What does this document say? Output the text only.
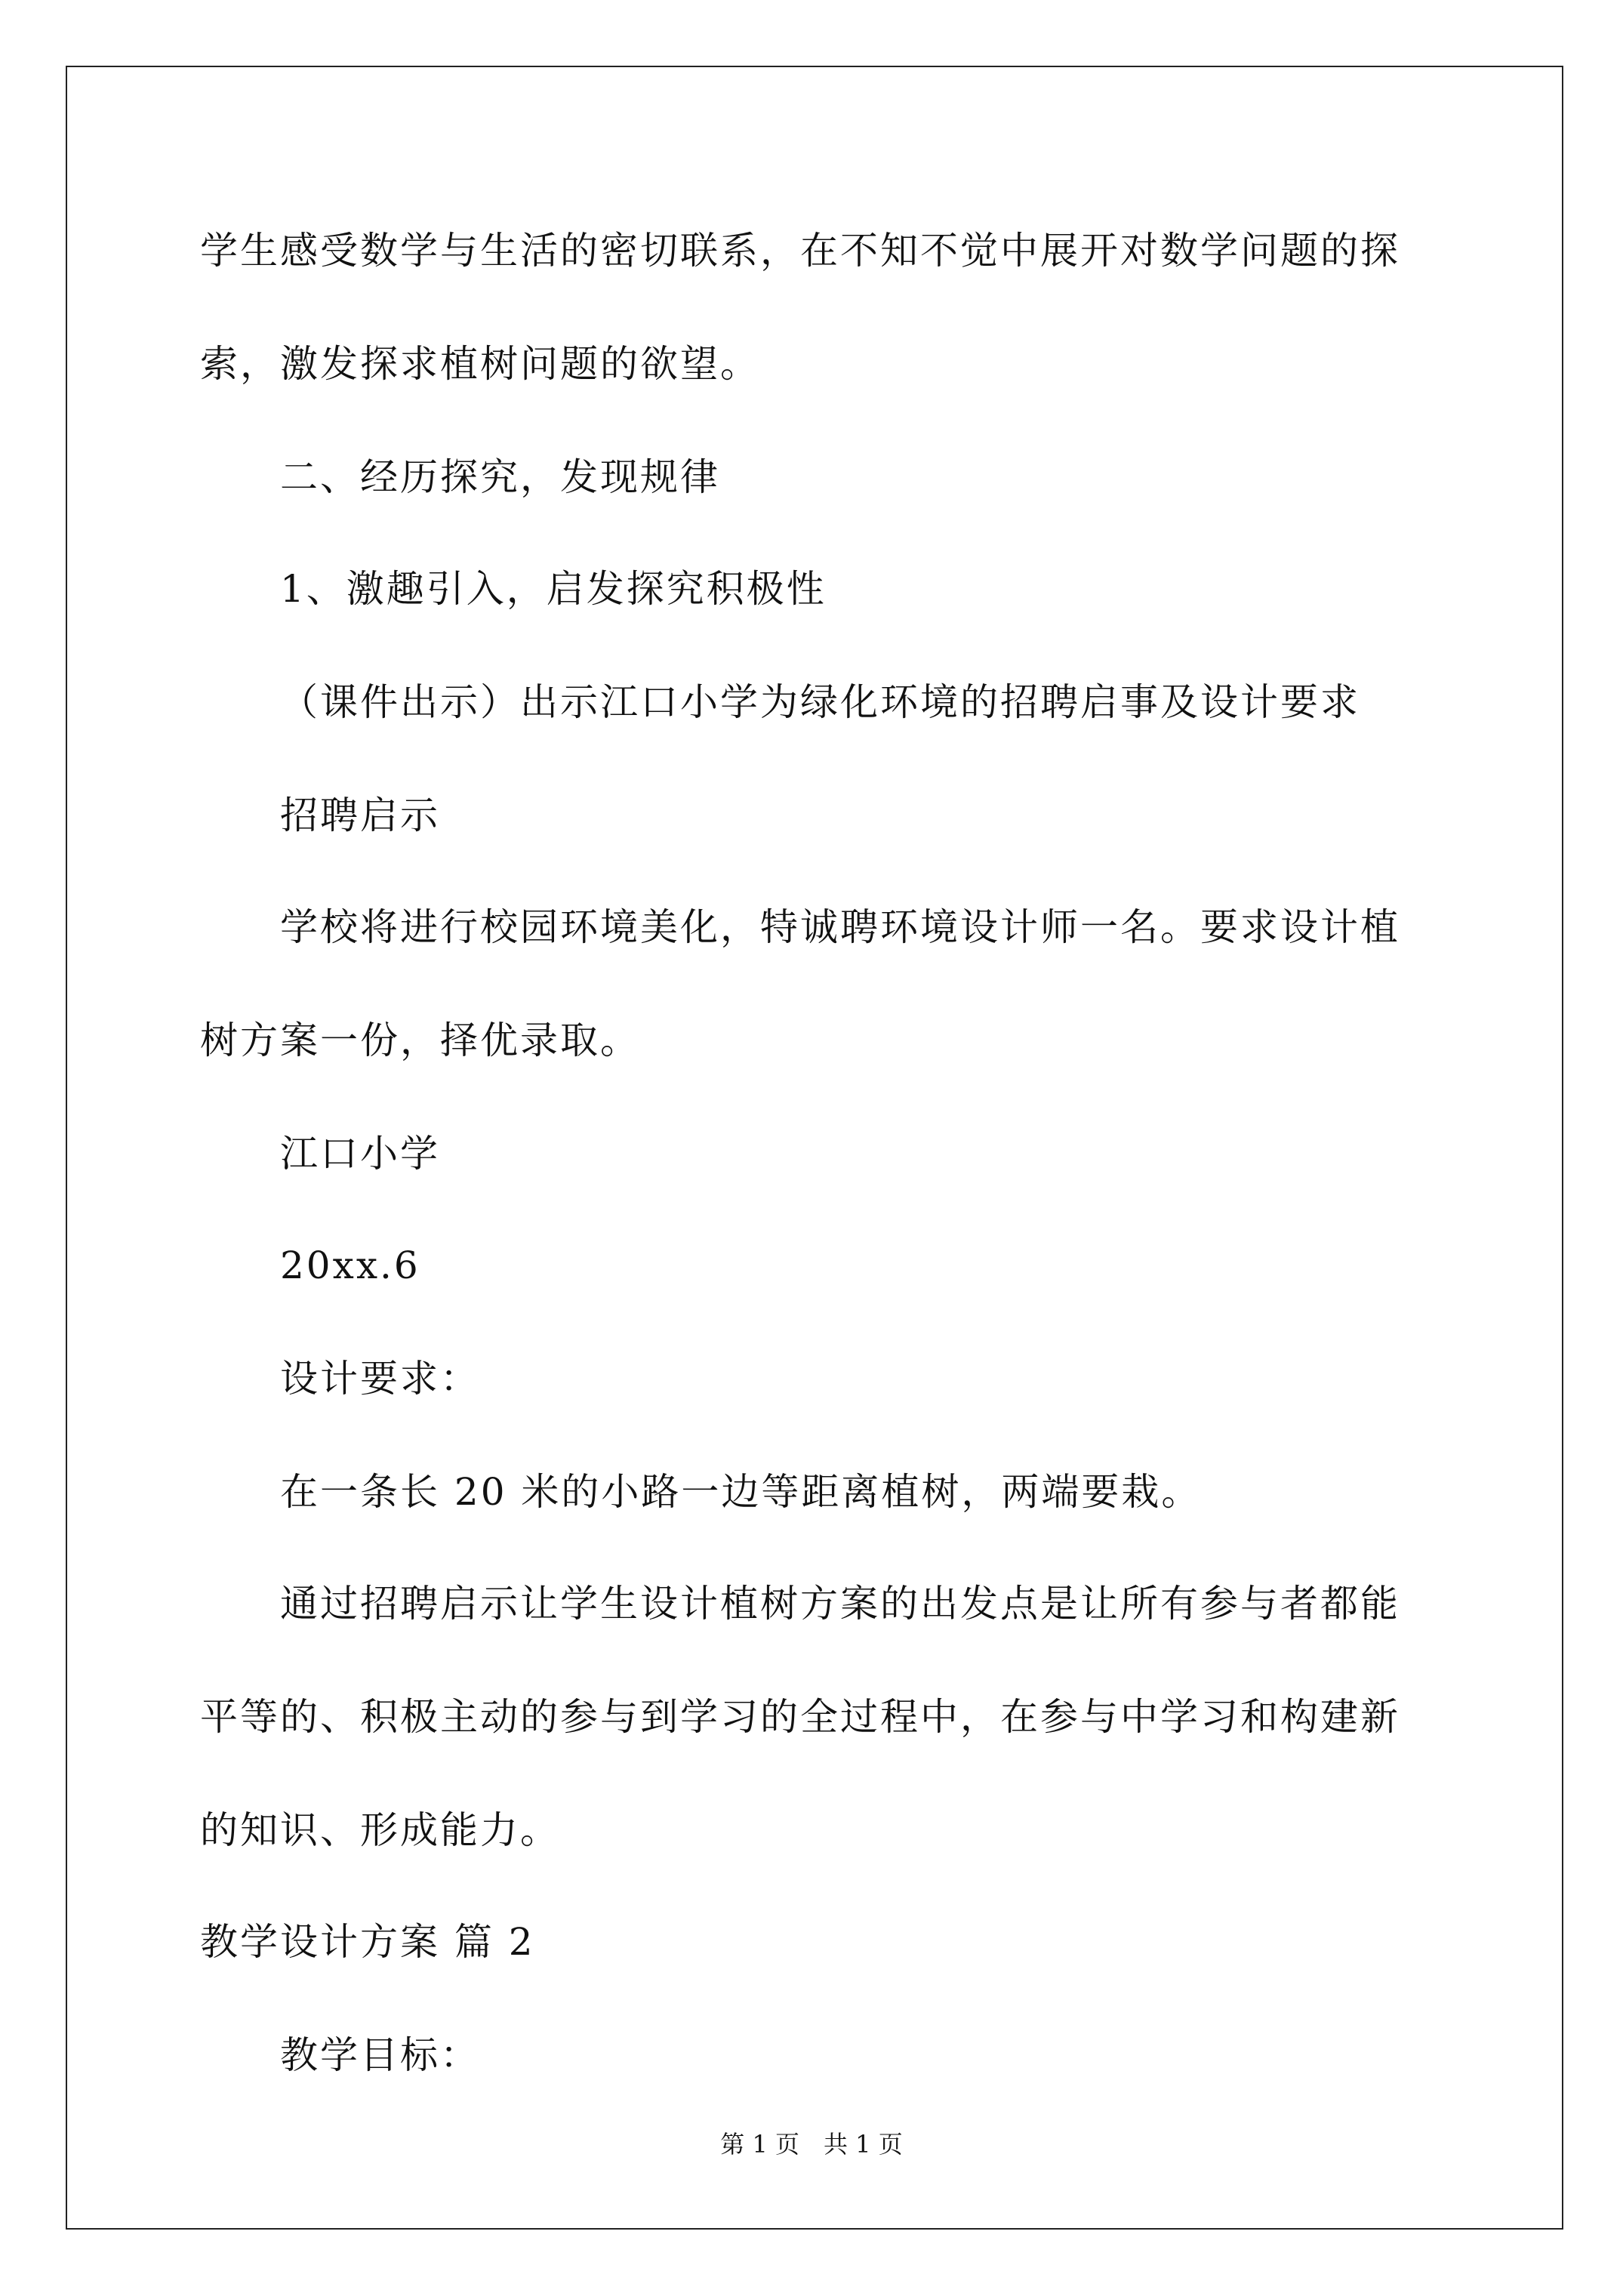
学生感受数学与生活的密切联系，在不知不觉中展开对数学问题的探
索，激发探求植树问题的欲望。
二、经历探究，发现规律
1、激趣引入，启发探究积极性
（课件出示）出示江口小学为绿化环境的招聘启事及设计要求
招聘启示
学校将进行校园环境美化，特诚聘环境设计师一名。要求设计植
树方案一份，择优录取。
江口小学
20xx.6
设计要求：
在一条长 20 米的小路一边等距离植树，两端要栽。
通过招聘启示让学生设计植树方案的出发点是让所有参与者都能
平等的、积极主动的参与到学习的全过程中，在参与中学习和构建新
的知识、形成能力。
教学设计方案 篇 2
教学目标：
第 1 页　共 1 页
